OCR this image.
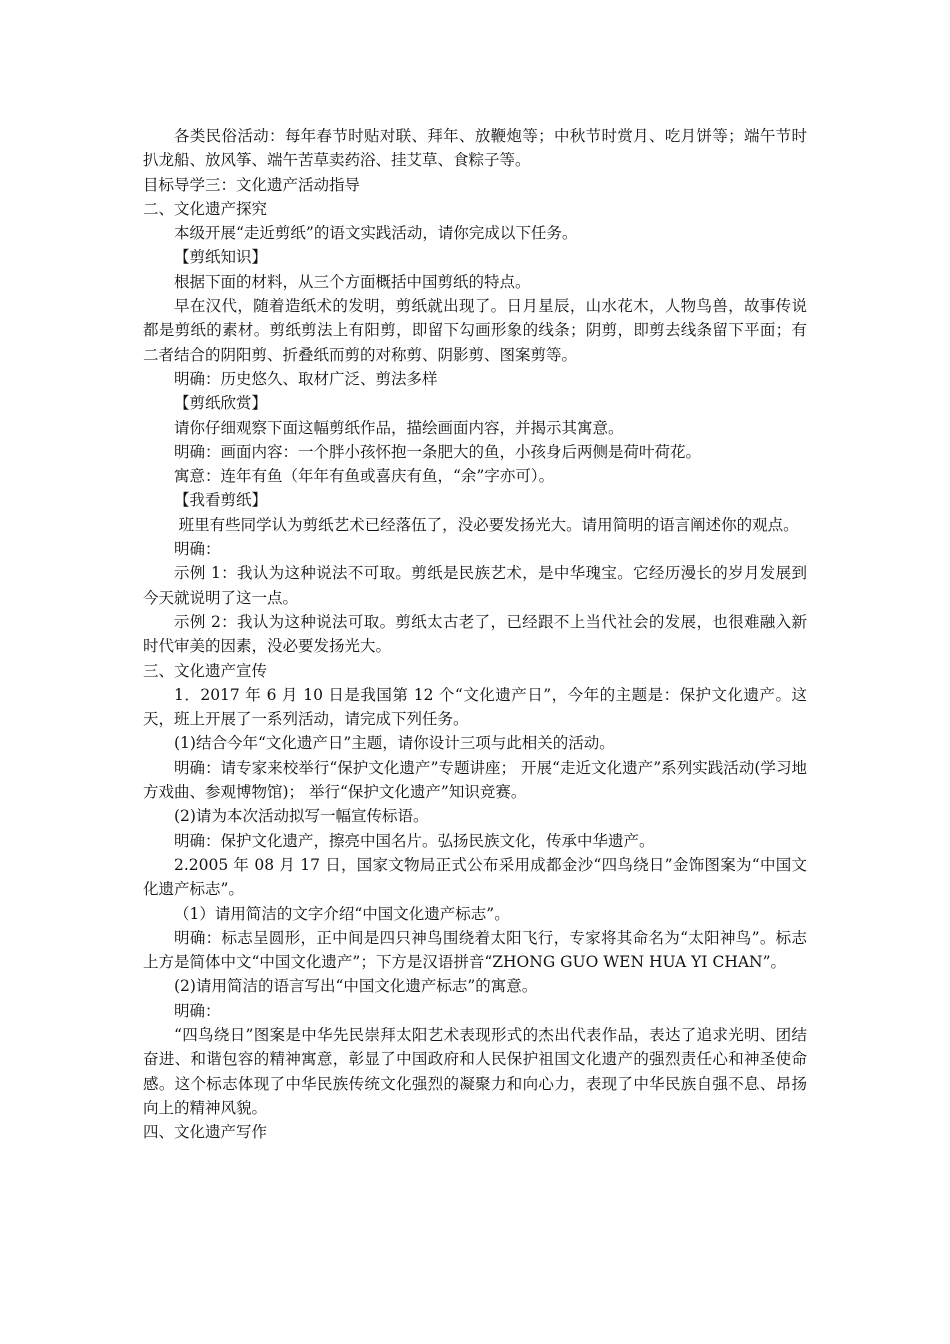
各类民俗活动：每年春节时贴对联、拜年、放鞭炮等；中秋节时赏月、吃月饼等；端午节时扒龙船、放风筝、端午苦草卖药浴、挂艾草、食粽子等。

目标导学三：文化遗产活动指导

二、文化遗产探究

本级开展“走近剪纸”的语文实践活动，请你完成以下任务。

【剪纸知识】

根据下面的材料，从三个方面概括中国剪纸的特点。

早在汉代，随着造纸术的发明，剪纸就出现了。日月星辰，山水花木，人物鸟兽，故事传说都是剪纸的素材。剪纸剪法上有阳剪，即留下勾画形象的线条；阴剪，即剪去线条留下平面；有二者结合的阴阳剪、折叠纸而剪的对称剪、阴影剪、图案剪等。

明确：历史悠久、取材广泛、剪法多样

【剪纸欣赏】

请你仔细观察下面这幅剪纸作品，描绘画面内容，并揭示其寓意。

明确：画面内容：一个胖小孩怀抱一条肥大的鱼，小孩身后两侧是荷叶荷花。

寓意：连年有鱼（年年有鱼或喜庆有鱼，“余”字亦可）。

【我看剪纸】

班里有些同学认为剪纸艺术已经落伍了，没必要发扬光大。请用简明的语言阐述你的观点。

明确：

示例 1：我认为这种说法不可取。剪纸是民族艺术，是中华瑰宝。它经历漫长的岁月发展到今天就说明了这一点。

示例 2：我认为这种说法可取。剪纸太古老了，已经跟不上当代社会的发展，也很难融入新时代审美的因素，没必要发扬光大。

三、文化遗产宣传

1．2017 年 6 月 10 日是我国第 12 个“文化遗产日”，今年的主题是：保护文化遗产。这天，班上开展了一系列活动，请完成下列任务。

(1)结合今年“文化遗产日”主题，请你设计三项与此相关的活动。

明确：请专家来校举行“保护文化遗产”专题讲座； 开展“走近文化遗产”系列实践活动(学习地方戏曲、参观博物馆)； 举行“保护文化遗产”知识竞赛。

(2)请为本次活动拟写一幅宣传标语。

明确：保护文化遗产，擦亮中国名片。弘扬民族文化，传承中华遗产。

2.2005 年 08 月 17 日，国家文物局正式公布采用成都金沙“四鸟绕日”金饰图案为“中国文化遗产标志”。

（1）请用简洁的文字介绍“中国文化遗产标志”。

明确：标志呈圆形，正中间是四只神鸟围绕着太阳飞行，专家将其命名为“太阳神鸟”。标志上方是简体中文“中国文化遗产”；下方是汉语拼音“ZHONG GUO WEN HUA YI CHAN”。

(2)请用简洁的语言写出“中国文化遗产标志”的寓意。

明确：

“四鸟绕日”图案是中华先民崇拜太阳艺术表现形式的杰出代表作品，表达了追求光明、团结奋进、和谐包容的精神寓意，彰显了中国政府和人民保护祖国文化遗产的强烈责任心和神圣使命感。这个标志体现了中华民族传统文化强烈的凝聚力和向心力，表现了中华民族自强不息、昂扬向上的精神风貌。

四、文化遗产写作
